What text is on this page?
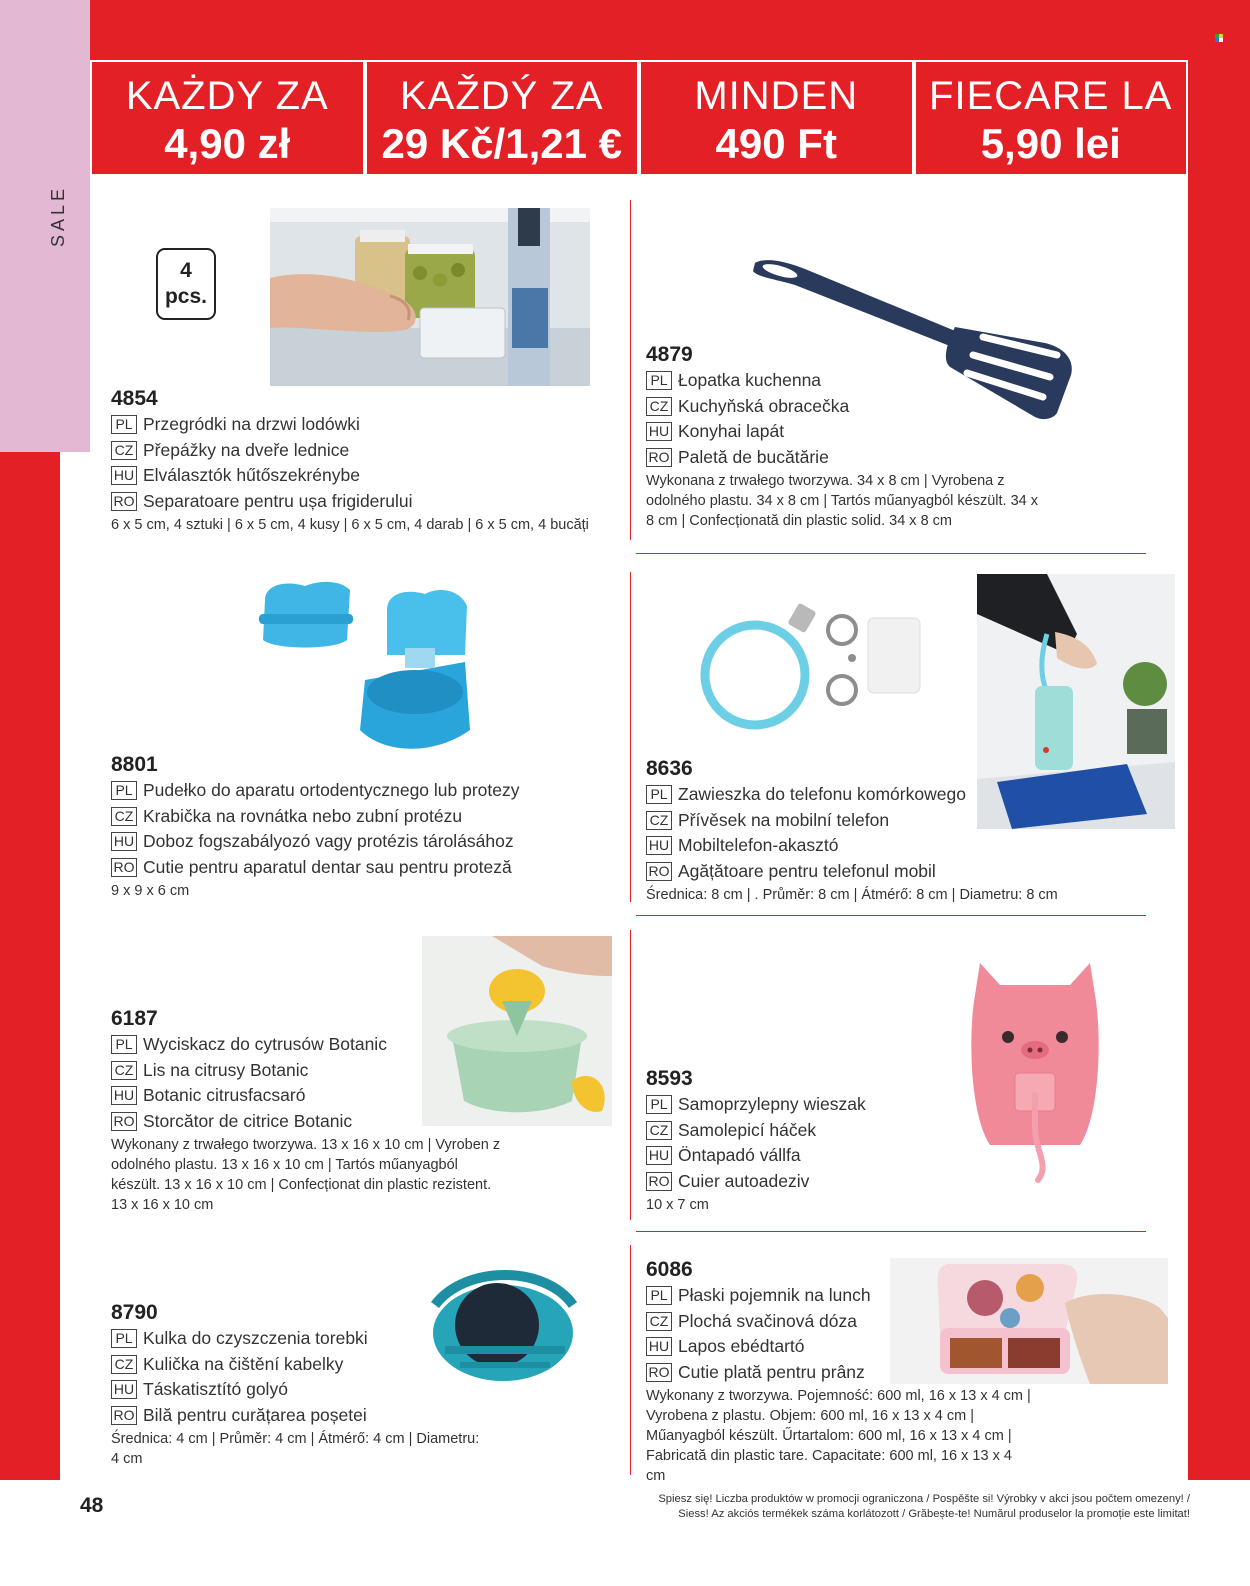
SALE
KAŻDY ZA
4,90 zł
KAŽDÝ ZA
29 Kč/1,21 €
MINDEN
490 Ft
FIECARE LA
5,90 lei
4
pcs.
4854
PL Przegródki na drzwi lodówki
CZ Přepážky na dveře lednice
HU Elválasztók hűtőszekrénybe
RO Separatoare pentru ușa frigiderului
6 x 5 cm, 4 sztuki | 6 x 5 cm, 4 kusy | 6 x 5 cm, 4 darab | 6 x 5 cm, 4 bucăți
4879
PL Łopatka kuchenna
CZ Kuchyňská obracečka
HU Konyhai lapát
RO Paletă de bucătărie
Wykonana z trwałego tworzywa. 34 x 8 cm | Vyrobena z odolného plastu. 34 x 8 cm | Tartós műanyagból készült. 34 x 8 cm | Confecționată din plastic solid. 34 x 8 cm
8801
PL Pudełko do aparatu ortodentycznego lub protezy
CZ Krabička na rovnátka nebo zubní protézu
HU Doboz fogszabályozó vagy protézis tárolásához
RO Cutie pentru aparatul dentar sau pentru proteză
9 x 9 x 6 cm
8636
PL Zawieszka do telefonu komórkowego
CZ Přívěsek na mobilní telefon
HU Mobiltelefon-akasztó
RO Agățătoare pentru telefonul mobil
Średnica: 8 cm | . Průměr: 8 cm | Átmérő: 8 cm | Diametru: 8 cm
6187
PL Wyciskacz do cytrusów Botanic
CZ Lis na citrusy Botanic
HU Botanic citrusfacsaró
RO Storcător de citrice Botanic
Wykonany z trwałego tworzywa. 13 x 16 x 10 cm | Vyroben z odolného plastu. 13 x 16 x 10 cm | Tartós műanyagból készült. 13 x 16 x 10 cm | Confecționat din plastic rezistent. 13 x 16 x 10 cm
8593
PL Samoprzylepny wieszak
CZ Samolepicí háček
HU Öntapadó vállfa
RO Cuier autoadeziv
10 x 7 cm
8790
PL Kulka do czyszczenia torebki
CZ Kulička na čištění kabelky
HU Táskatisztító golyó
RO Bilă pentru curățarea poșetei
Średnica: 4 cm | Průměr: 4 cm | Átmérő: 4 cm | Diametru: 4 cm
6086
PL Płaski pojemnik na lunch
CZ Plochá svačinová dóza
HU Lapos ebédtartó
RO Cutie plată pentru prânz
Wykonany z tworzywa. Pojemność: 600 ml, 16 x 13 x 4 cm | Vyrobena z plastu. Objem: 600 ml, 16 x 13 x 4 cm | Műanyagból készült. Űrtartalom: 600 ml, 16 x 13 x 4 cm | Fabricată din plastic tare. Capacitate: 600 ml, 16 x 13 x 4 cm
48	Spiesz się! Liczba produktów w promocji ograniczona / Pospěšte si! Výrobky v akci jsou počtem omezeny! /
Siess! Az akciós termékek száma korlátozott / Grăbește-te! Numărul produselor la promoție este limitat!
